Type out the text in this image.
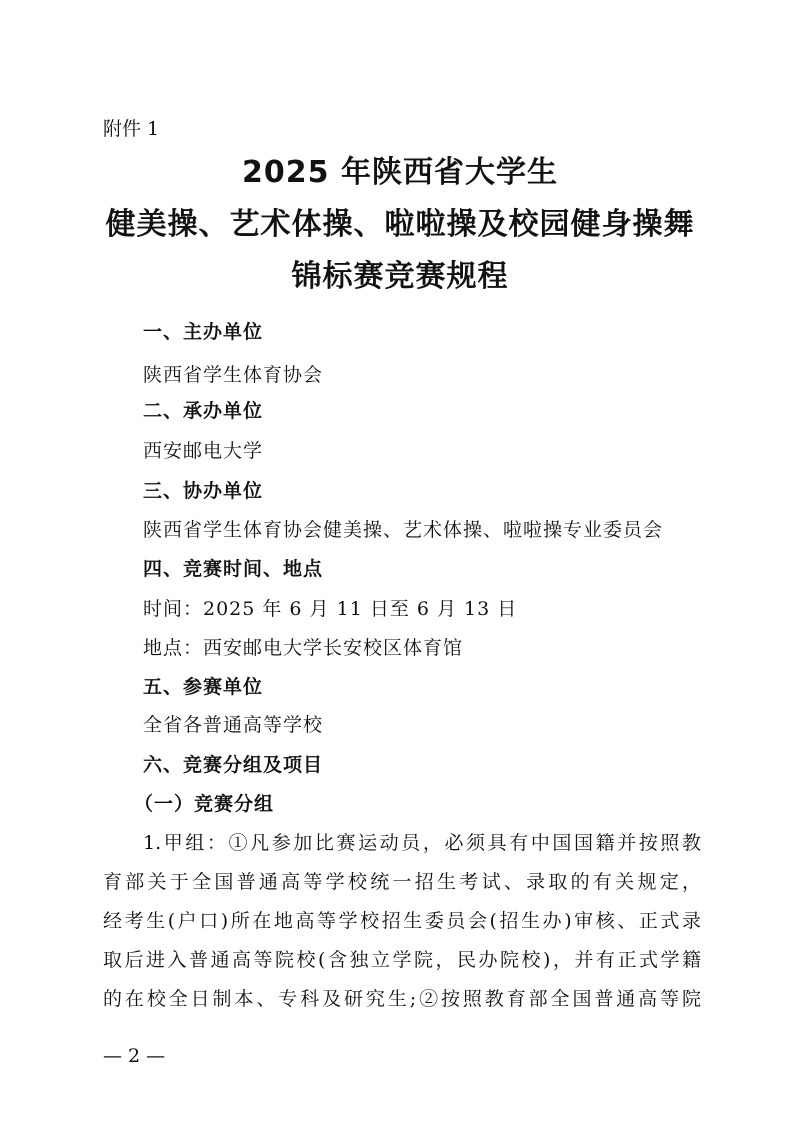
附件 1
2025 年陕西省大学生
健美操、艺术体操、啦啦操及校园健身操舞
锦标赛竞赛规程
一、主办单位
陕西省学生体育协会
二、承办单位
西安邮电大学
三、协办单位
陕西省学生体育协会健美操、艺术体操、啦啦操专业委员会
四、竞赛时间、地点
时间：2025 年 6 月 11 日至 6 月 13 日
地点：西安邮电大学长安校区体育馆
五、参赛单位
全省各普通高等学校
六、竞赛分组及项目
（一）竞赛分组
1.甲组：①凡参加比赛运动员，必须具有中国国籍并按照教
育部关于全国普通高等学校统一招生考试、录取的有关规定，
经考生(户口)所在地高等学校招生委员会(招生办)审核、正式录
取后进入普通高等院校(含独立学院，民办院校)，并有正式学籍
的在校全日制本、专科及研究生;②按照教育部全国普通高等院
— 2 —
